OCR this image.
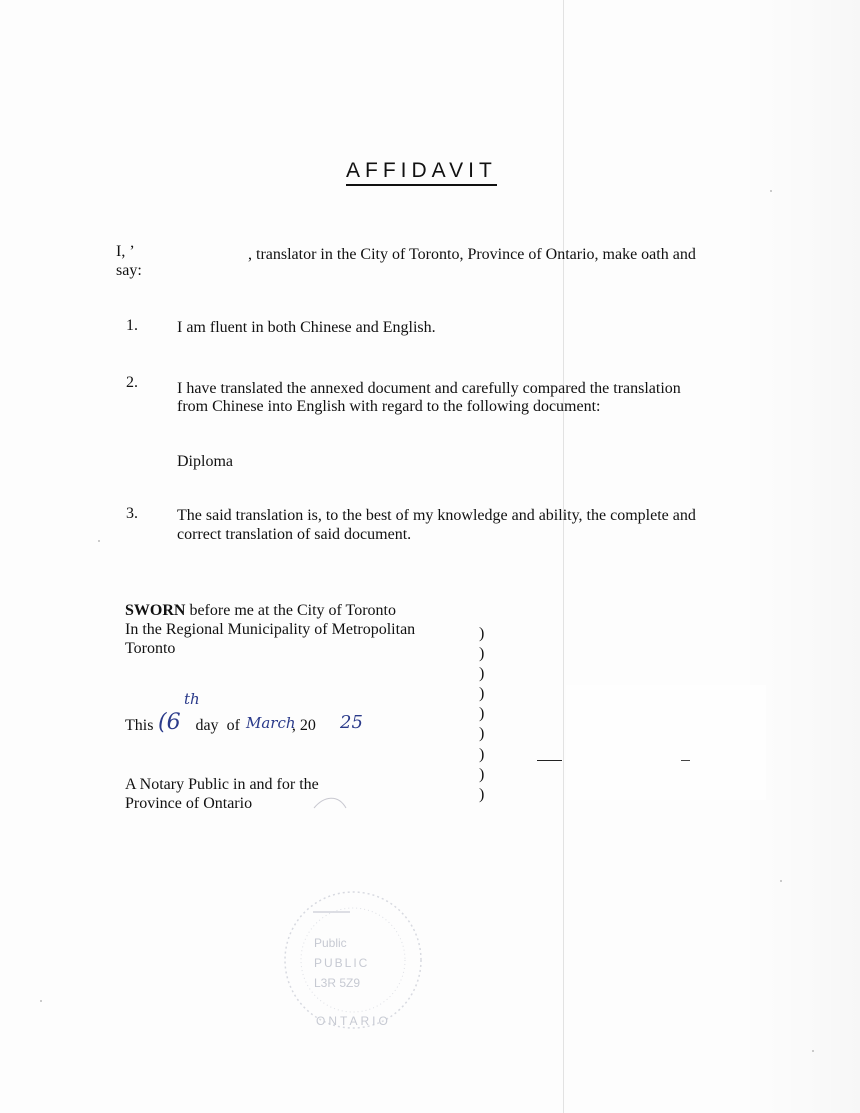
AFFIDAVIT
I, ʼ	, translator in the City of Toronto, Province of Ontario, make oath and
say:
1. I am fluent in both Chinese and English.
2. I have translated the annexed document and carefully compared the translation
from Chinese into English with regard to the following document:
Diploma
3. The said translation is, to the best of my knowledge and ability, the complete and
correct translation of said document.
SWORN before me at the City of Toronto
In the Regional Municipality of Metropolitan
Toronto
This	day of	, 20
(6
th
March 25
A Notary Public in and for the
Province of Ontario
)
)
)
)
)
)
)
)
)
Public
PUBLIC
L3R 5Z9
ONTARIO
